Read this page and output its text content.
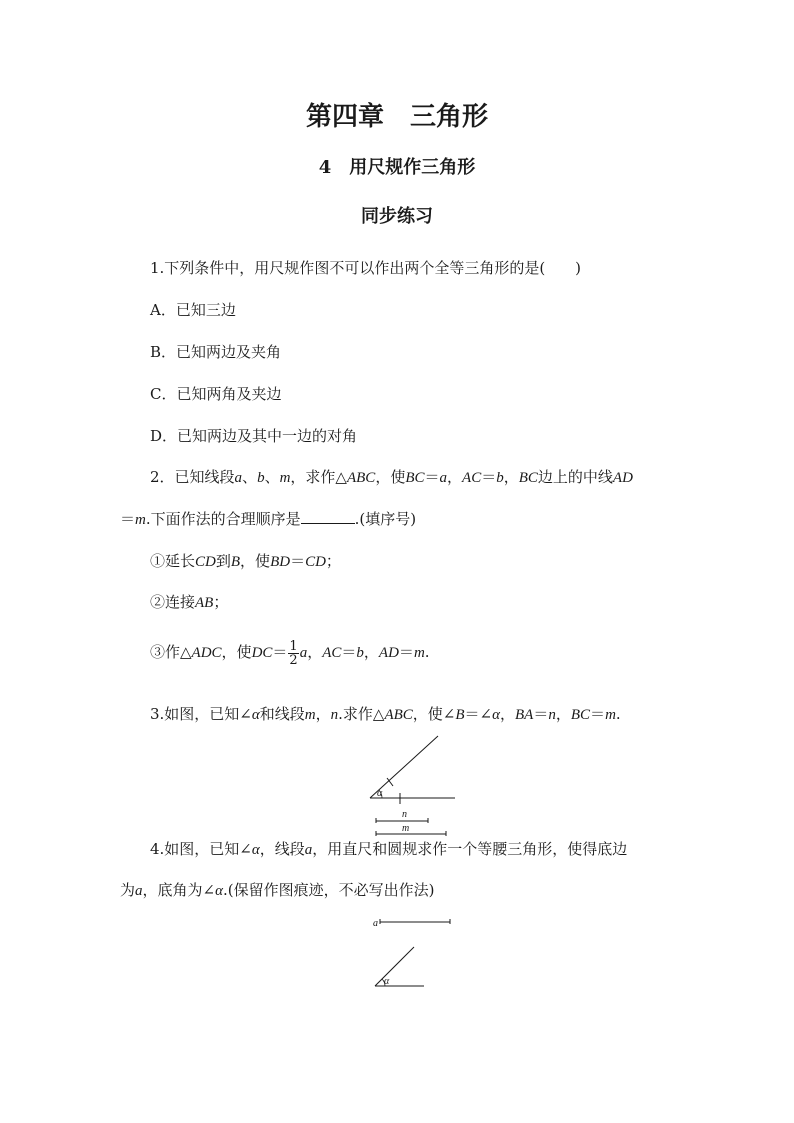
第四章　三角形
4　用尺规作三角形
同步练习
1.下列条件中，用尺规作图不可以作出两个全等三角形的是(　　)
A．已知三边
B．已知两边及夹角
C．已知两角及夹边
D．已知两边及其中一边的对角
2．已知线段a、b、m，求作△ABC，使BC＝a，AC＝b，BC边上的中线AD
＝m.下面作法的合理顺序是	.(填序号)
①延长CD到B，使BD＝CD；
②连接AB；
③作△ADC，使$DC= \frac{1}{2}$ a，AC＝b，AD＝m.
3.如图，已知∠α和线段m，n.求作△ABC，使∠B＝∠α，BA＝n，BC＝m.
α
n
m
4.如图，已知∠α，线段a，用直尺和圆规求作一个等腰三角形，使得底边
为a，底角为∠α.(保留作图痕迹，不必写出作法)
a
α
